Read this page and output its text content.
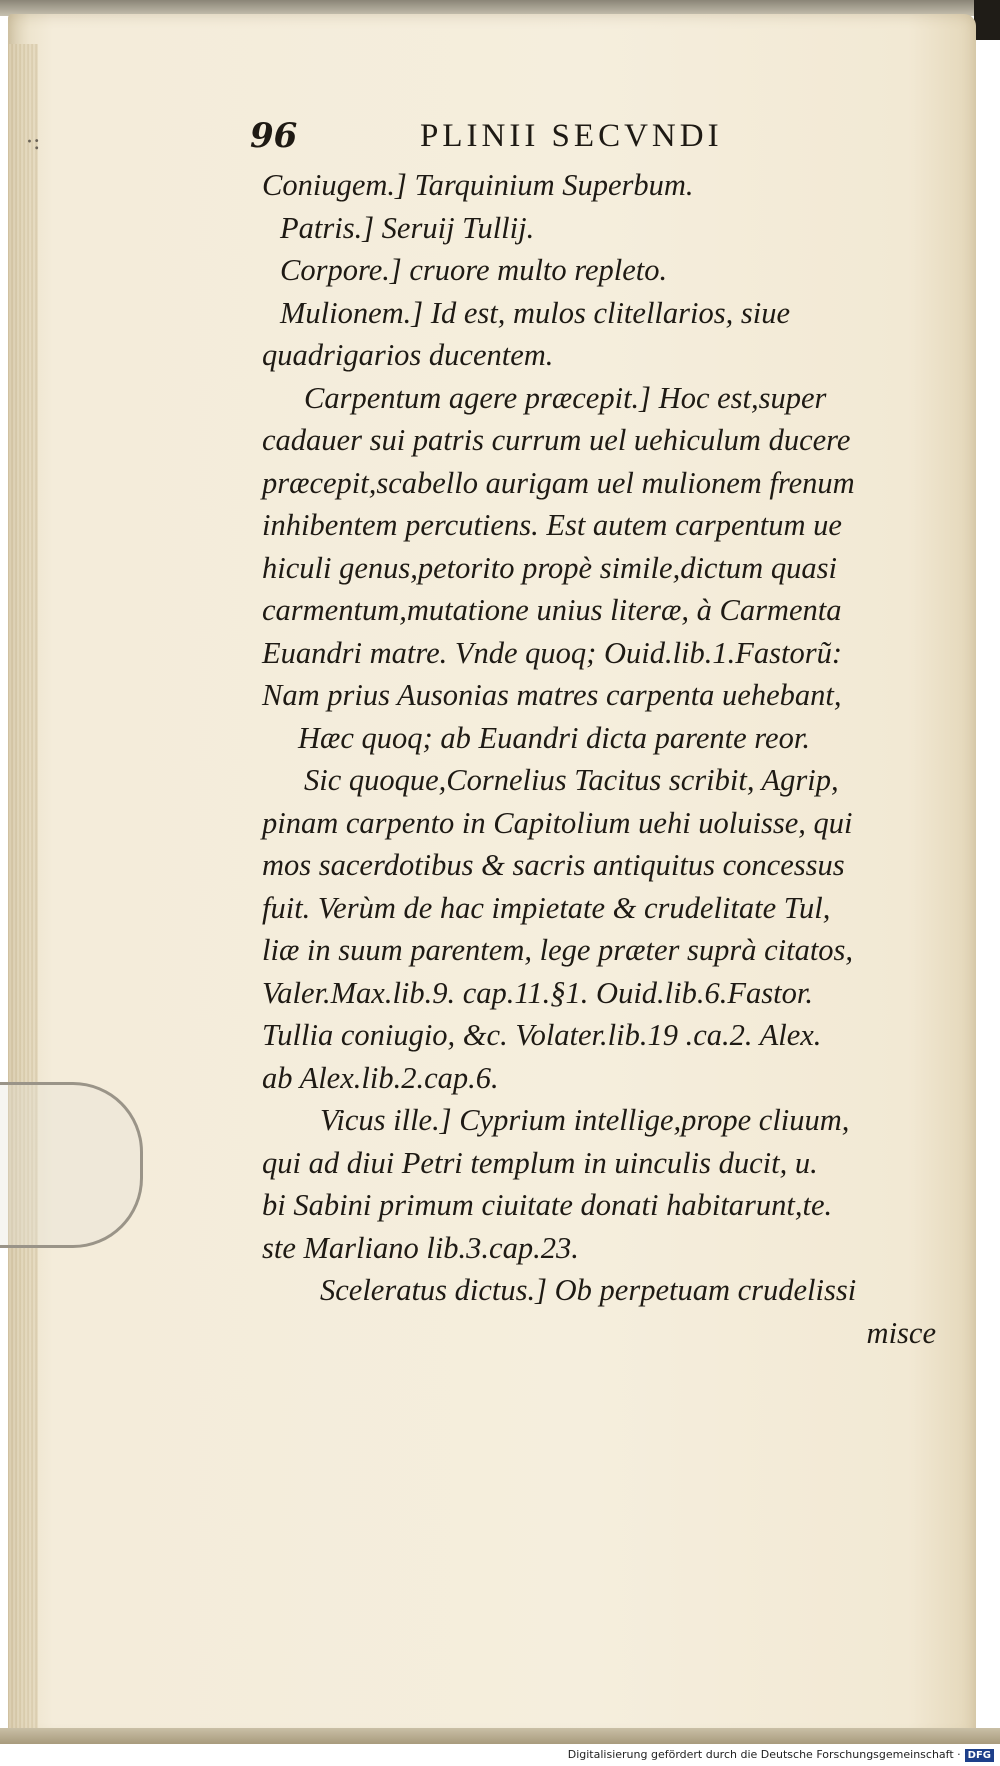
·:	96	PLINII SECVNDI
Coniugem.] Tarquinium Superbum.
Patris.] Seruij Tullij.
Corpore.] cruore multo repleto.
Mulionem.] Id est, mulos clitellarios, siue
quadrigarios ducentem.
Carpentum agere præcepit.] Hoc est,super
cadauer sui patris currum uel uehiculum ducere
præcepit,scabello aurigam uel mulionem frenum
inhibentem percutiens. Est autem carpentum ue
hiculi genus,petorito propè simile,dictum quasi
carmentum,mutatione unius literæ, à Carmenta
Euandri matre. Vnde quoq; Ouid.lib.1.Fastorũ:
Nam prius Ausonias matres carpenta uehebant,
Hæc quoq; ab Euandri dicta parente reor.
Sic quoque,Cornelius Tacitus scribit, Agrip,
pinam carpento in Capitolium uehi uoluisse, qui
mos sacerdotibus & sacris antiquitus concessus
fuit. Verùm de hac impietate & crudelitate Tul,
liæ in suum parentem, lege præter suprà citatos,
Valer.Max.lib.9. cap.11.§1. Ouid.lib.6.Fastor.
Tullia coniugio, &c. Volater.lib.19 .ca.2. Alex.
ab Alex.lib.2.cap.6.
Vicus ille.] Cyprium intellige,prope cliuum,
qui ad diui Petri templum in uinculis ducit, u.
bi Sabini primum ciuitate donati habitarunt,te.
ste Marliano lib.3.cap.23.
Sceleratus dictus.] Ob perpetuam crudelissi
misce
Digitalisierung gefördert durch die Deutsche Forschungsgemeinschaft · DFG
